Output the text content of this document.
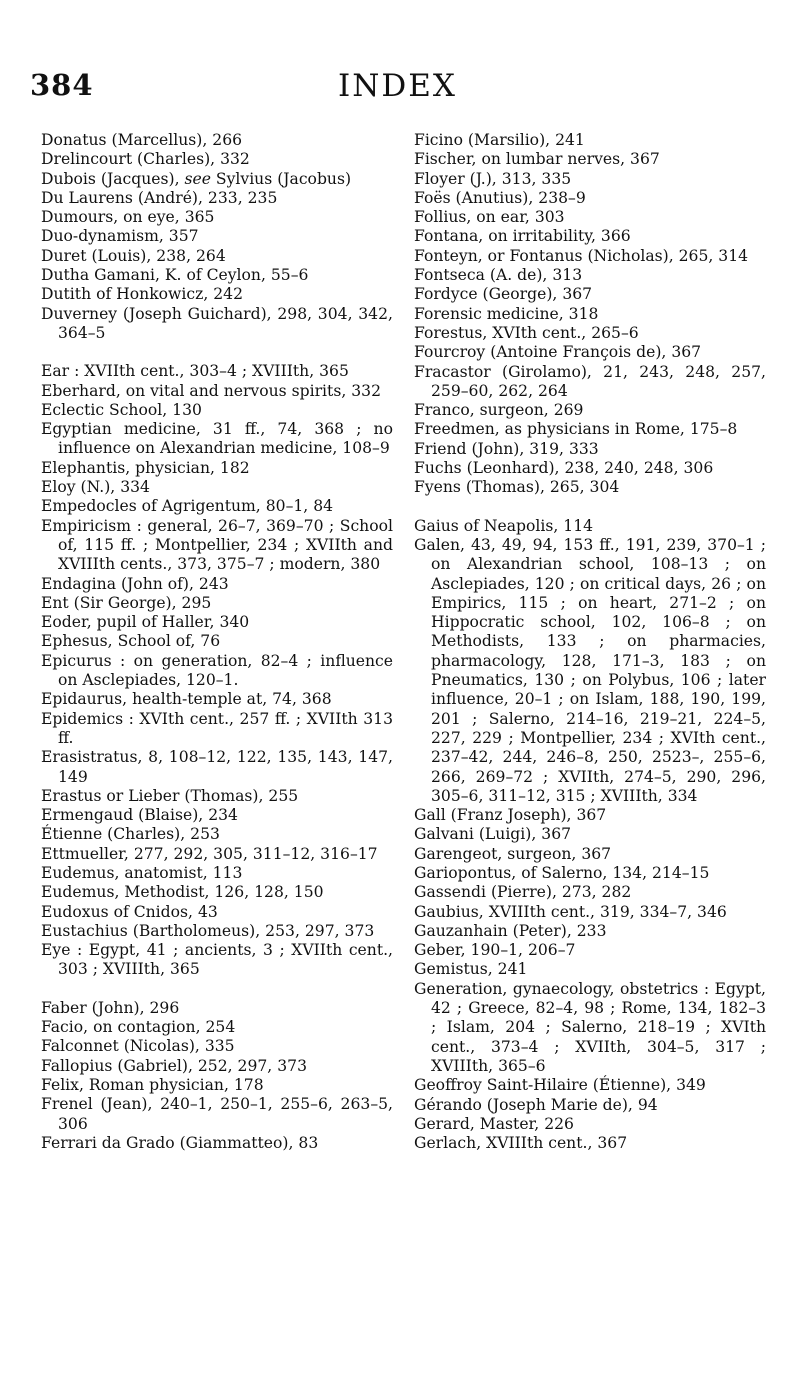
384	INDEX

Donatus (Marcellus), 266

Drelincourt (Charles), 332

Dubois (Jacques), see Sylvius (Jacobus)

Du Laurens (André), 233, 235

Dumours, on eye, 365

Duo-dynamism, 357

Duret (Louis), 238, 264

Dutha Gamani, K. of Ceylon, 55–6

Dutith of Honkowicz, 242

Duverney (Joseph Guichard), 298, 304, 342, 364–5

Ear : XVIIth cent., 303–4 ; XVIIIth, 365

Eberhard, on vital and nervous spirits, 332

Eclectic School, 130

Egyptian medicine, 31 ff., 74, 368 ; no influence on Alexandrian medicine, 108–9

Elephantis, physician, 182

Eloy (N.), 334

Empedocles of Agrigentum, 80–1, 84

Empiricism : general, 26–7, 369–70 ; School of, 115 ff. ; Montpellier, 234 ; XVIIth and XVIIIth cents., 373, 375–7 ; modern, 380

Endagina (John of), 243

Ent (Sir George), 295

Eoder, pupil of Haller, 340

Ephesus, School of, 76

Epicurus : on generation, 82–4 ; influence on Asclepiades, 120–1.

Epidaurus, health-temple at, 74, 368

Epidemics : XVIth cent., 257 ff. ; XVIIth 313 ff.

Erasistratus, 8, 108–12, 122, 135, 143, 147, 149

Erastus or Lieber (Thomas), 255

Ermengaud (Blaise), 234

Étienne (Charles), 253

Ettmueller, 277, 292, 305, 311–12, 316–17

Eudemus, anatomist, 113

Eudemus, Methodist, 126, 128, 150

Eudoxus of Cnidos, 43

Eustachius (Bartholomeus), 253, 297, 373

Eye : Egypt, 41 ; ancients, 3 ; XVIIth cent., 303 ; XVIIIth, 365

Faber (John), 296

Facio, on contagion, 254

Falconnet (Nicolas), 335

Fallopius (Gabriel), 252, 297, 373

Felix, Roman physician, 178

Frenel (Jean), 240–1, 250–1, 255–6, 263–5, 306

Ferrari da Grado (Giammatteo), 83

Ficino (Marsilio), 241

Fischer, on lumbar nerves, 367

Floyer (J.), 313, 335

Foës (Anutius), 238–9

Follius, on ear, 303

Fontana, on irritability, 366

Fonteyn, or Fontanus (Nicholas), 265, 314

Fontseca (A. de), 313

Fordyce (George), 367

Forensic medicine, 318

Forestus, XVIth cent., 265–6

Fourcroy (Antoine François de), 367

Fracastor (Girolamo), 21, 243, 248, 257, 259–60, 262, 264

Franco, surgeon, 269

Freedmen, as physicians in Rome, 175–8

Friend (John), 319, 333

Fuchs (Leonhard), 238, 240, 248, 306

Fyens (Thomas), 265, 304

Gaius of Neapolis, 114

Galen, 43, 49, 94, 153 ff., 191, 239, 370–1 ; on Alexandrian school, 108–13 ; on Asclepiades, 120 ; on critical days, 26 ; on Empirics, 115 ; on heart, 271–2 ; on Hippocratic school, 102, 106–8 ; on Methodists, 133 ; on pharmacies, pharmacology, 128, 171–3, 183 ; on Pneumatics, 130 ; on Polybus, 106 ; later influence, 20–1 ; on Islam, 188, 190, 199, 201 ; Salerno, 214–16, 219–21, 224–5, 227, 229 ; Montpellier, 234 ; XVIth cent., 237–42, 244, 246–8, 250, 2523–, 255–6, 266, 269–72 ; XVIIth, 274–5, 290, 296, 305–6, 311–12, 315 ; XVIIIth, 334

Gall (Franz Joseph), 367

Galvani (Luigi), 367

Garengeot, surgeon, 367

Gariopontus, of Salerno, 134, 214–15

Gassendi (Pierre), 273, 282

Gaubius, XVIIIth cent., 319, 334–7, 346

Gauzanhain (Peter), 233

Geber, 190–1, 206–7

Gemistus, 241

Generation, gynaecology, obstetrics : Egypt, 42 ; Greece, 82–4, 98 ; Rome, 134, 182–3 ; Islam, 204 ; Salerno, 218–19 ; XVIth cent., 373–4 ; XVIIth, 304–5, 317 ; XVIIIth, 365–6

Geoffroy Saint-Hilaire (Étienne), 349

Gérando (Joseph Marie de), 94

Gerard, Master, 226

Gerlach, XVIIIth cent., 367
